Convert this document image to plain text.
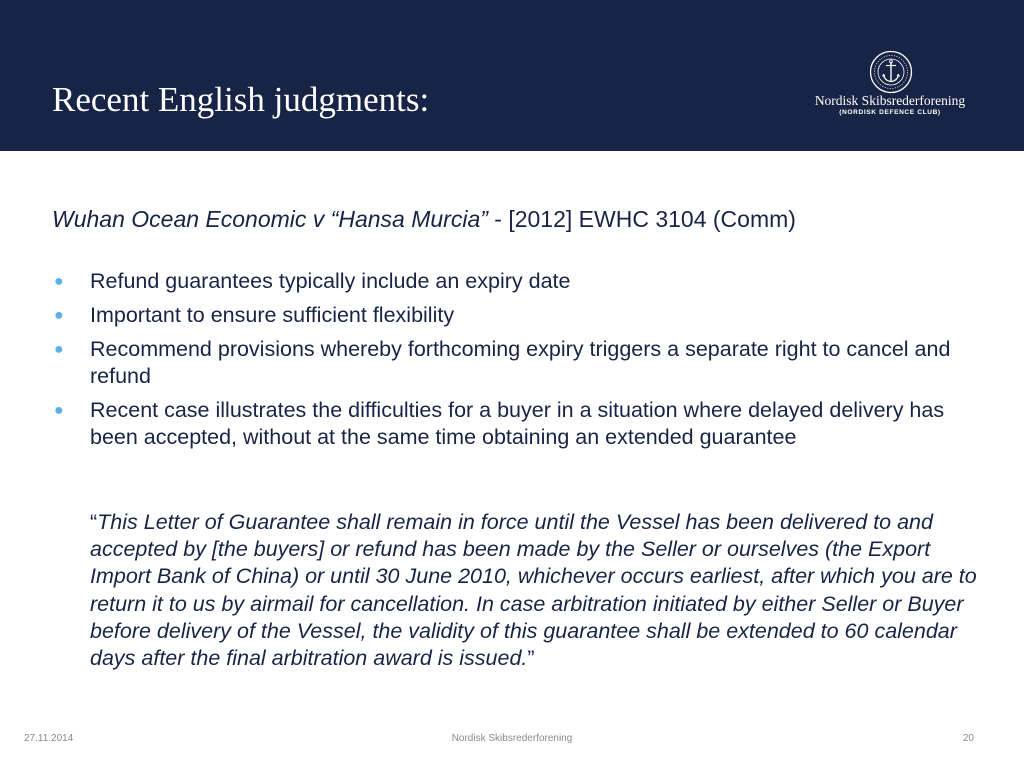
Recent English judgments:	Nordisk Skibsrederforening
(NORDISK DEFENCE CLUB)
Wuhan Ocean Economic v “Hansa Murcia” - [2012] EWHC 3104 (Comm)
● Refund guarantees typically include an expiry date
● Important to ensure sufficient flexibility
● Recommend provisions whereby forthcoming expiry triggers a separate right to cancel and refund
● Recent case illustrates the difficulties for a buyer in a situation where delayed delivery has been accepted, without at the same time obtaining an extended guarantee

“This Letter of Guarantee shall remain in force until the Vessel has been delivered to and accepted by [the buyers] or refund has been made by the Seller or ourselves (the Export Import Bank of China) or until 30 June 2010, whichever occurs earliest, after which you are to return it to us by airmail for cancellation. In case arbitration initiated by either Seller or Buyer before delivery of the Vessel, the validity of this guarantee shall be extended to 60 calendar days after the final arbitration award is issued.”

27.11.2014	Nordisk Skibsrederforening	20
